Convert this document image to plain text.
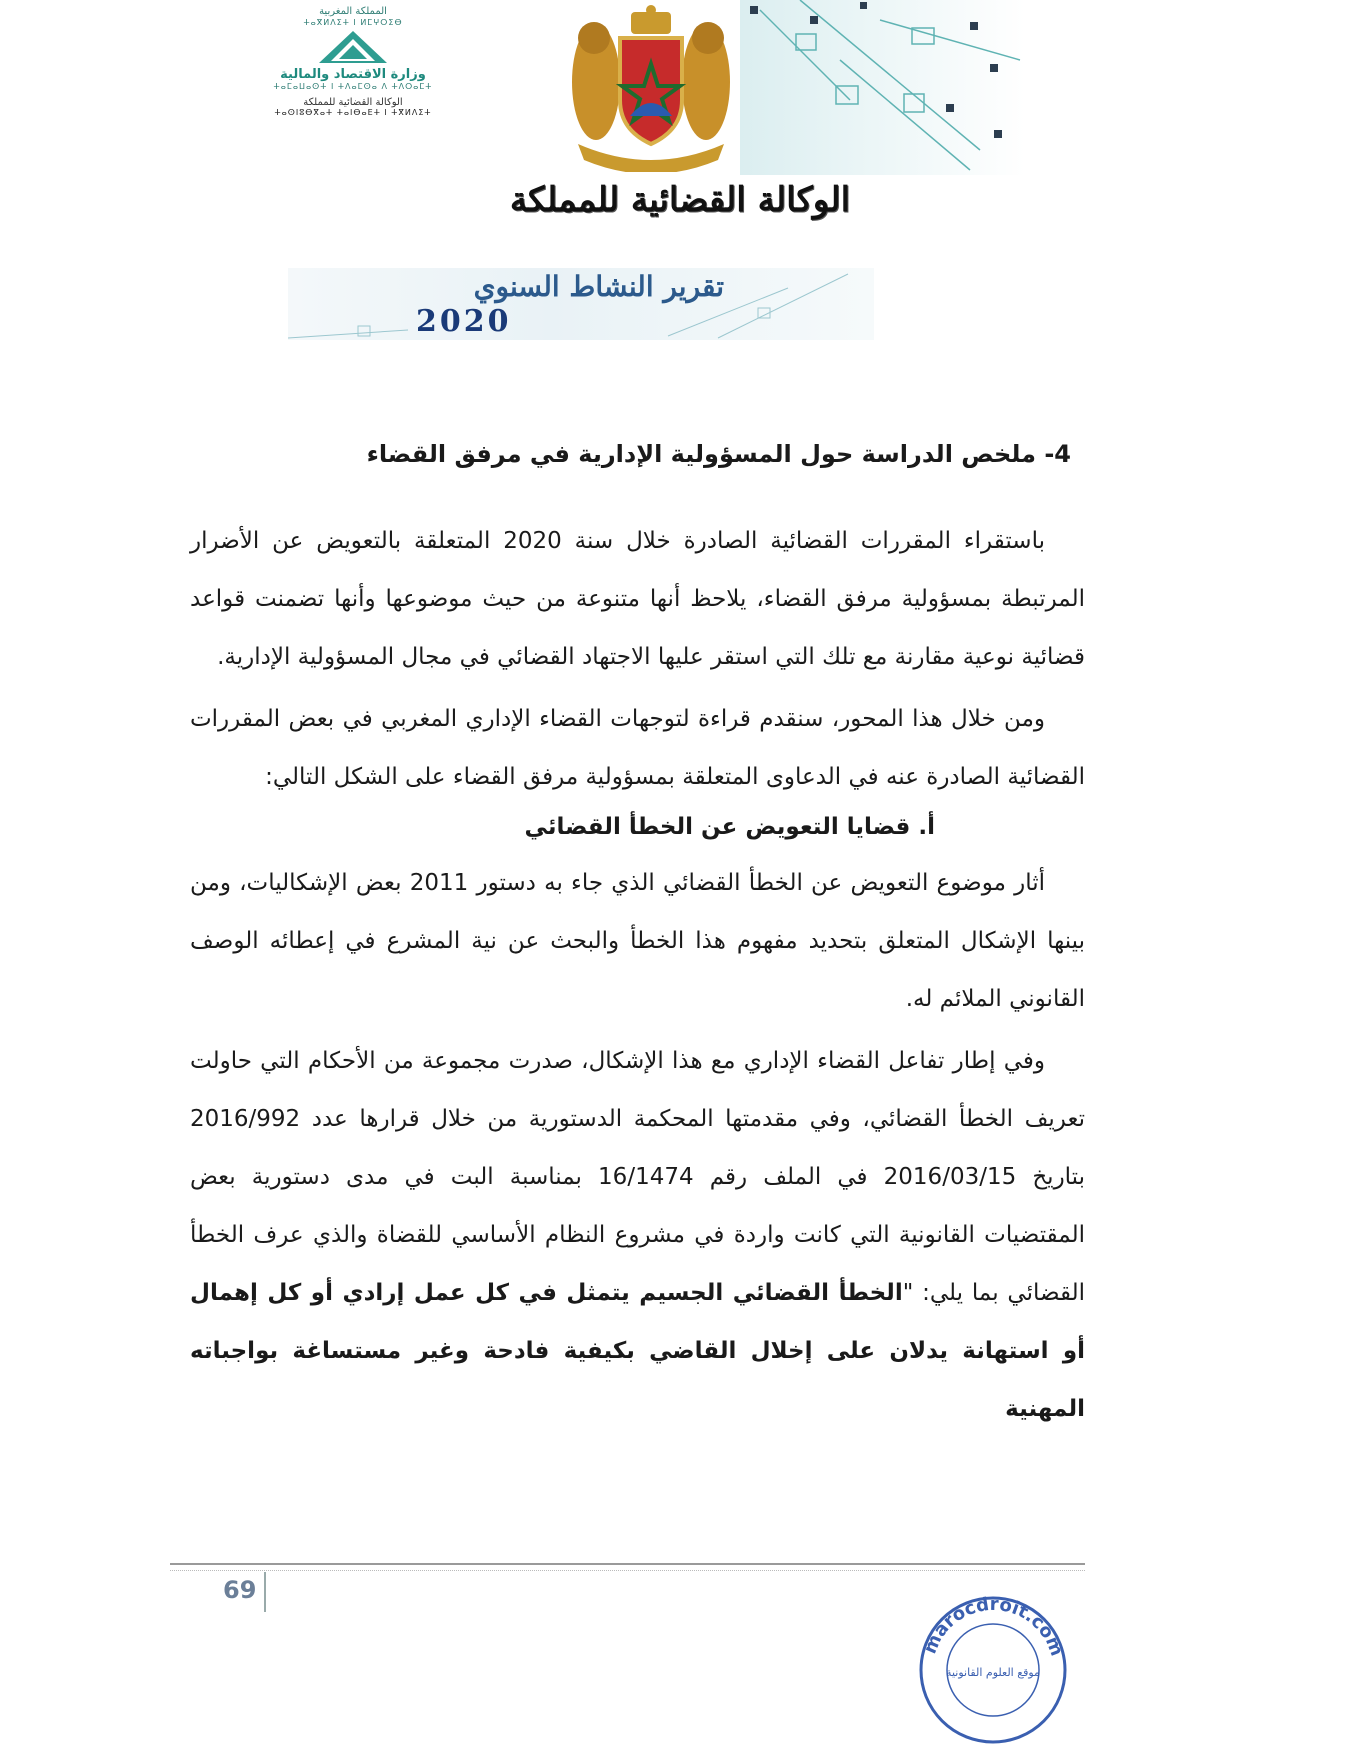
المملكة المغربية
ⵜⴰⴳⵍⴷⵉⵜ ⵏ ⵍⵎⵖⵔⵉⴱ
وزارة الاقتصاد والمالية
ⵜⴰⵎⴰⵡⴰⵙⵜ ⵏ ⵜⴷⴰⵎⵙⴰ ⴷ ⵜⴷⵔⴰⵎⵜ
الوكالة القضائية للمملكة
ⵜⴰⵙⵏⵓⴱⴳⴰⵜ ⵜⴰⵏⴱⴰⴹⵜ ⵏ ⵜⴳⵍⴷⵉⵜ
الوكالة القضائية للمملكة
تقرير النشاط السنوي
2020
4- ملخص الدراسة حول المسؤولية الإدارية في مرفق القضاء

باستقراء المقررات القضائية الصادرة خلال سنة 2020 المتعلقة بالتعويض عن الأضرار المرتبطة بمسؤولية مرفق القضاء، يلاحظ أنها متنوعة من حيث موضوعها وأنها تضمنت قواعد قضائية نوعية مقارنة مع تلك التي استقر عليها الاجتهاد القضائي في مجال المسؤولية الإدارية.

ومن خلال هذا المحور، سنقدم قراءة لتوجهات القضاء الإداري المغربي في بعض المقررات القضائية الصادرة عنه في الدعاوى المتعلقة بمسؤولية مرفق القضاء على الشكل التالي:

أ. قضايا التعويض عن الخطأ القضائي

أثار موضوع التعويض عن الخطأ القضائي الذي جاء به دستور 2011 بعض الإشكاليات، ومن بينها الإشكال المتعلق بتحديد مفهوم هذا الخطأ والبحث عن نية المشرع في إعطائه الوصف القانوني الملائم له.

وفي إطار تفاعل القضاء الإداري مع هذا الإشكال، صدرت مجموعة من الأحكام التي حاولت تعريف الخطأ القضائي، وفي مقدمتها المحكمة الدستورية من خلال قرارها عدد 2016/992 بتاريخ 2016/03/15 في الملف رقم 16/1474 بمناسبة البت في مدى دستورية بعض المقتضيات القانونية التي كانت واردة في مشروع النظام الأساسي للقضاة والذي عرف الخطأ القضائي بما يلي: "الخطأ القضائي الجسيم يتمثل في كل عمل إرادي أو كل إهمال أو استهانة يدلان على إخلال القاضي بكيفية فادحة وغير مستساغة بواجباته المهنية

69
marocdroit.com
موقع العلوم القانونية
